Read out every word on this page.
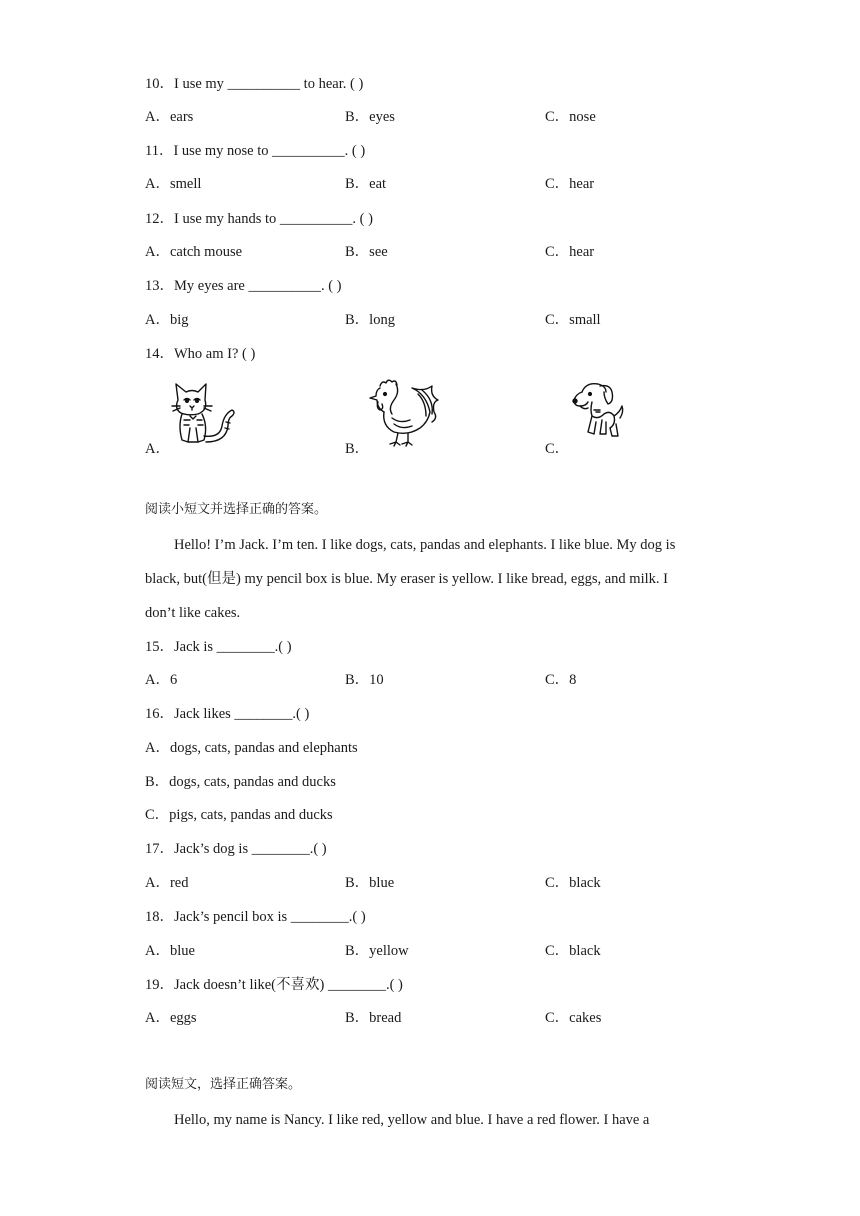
10．I use my __________ to hear. ( )
A．ears	B．eyes	C．nose
11．I use my nose to __________. ( )
A．smell	B．eat	C．hear
12．I use my hands to __________. ( )
A．catch mouse	B．see	C．hear
13．My eyes are __________. ( )
A．big	B．long	C．small
14．Who am I? ( )
A．	B．	C．
阅读小短文并选择正确的答案。
Hello! I’m Jack. I’m ten. I like dogs, cats, pandas and elephants. I like blue. My dog is
black, but(但是) my pencil box is blue. My eraser is yellow. I like bread, eggs, and milk. I
don’t like cakes.
15．Jack is ________.( )
A．6	B．10	C．8
16．Jack likes ________.( )
A．dogs, cats, pandas and elephants
B．dogs, cats, pandas and ducks
C．pigs, cats, pandas and ducks
17．Jack’s dog is ________.( )
A．red	B．blue	C．black
18．Jack’s pencil box is ________.( )
A．blue	B．yellow	C．black
19．Jack doesn’t like(不喜欢) ________.( )
A．eggs	B．bread	C．cakes
阅读短文，选择正确答案。
Hello, my name is Nancy. I like red, yellow and blue. I have a red flower. I have a
